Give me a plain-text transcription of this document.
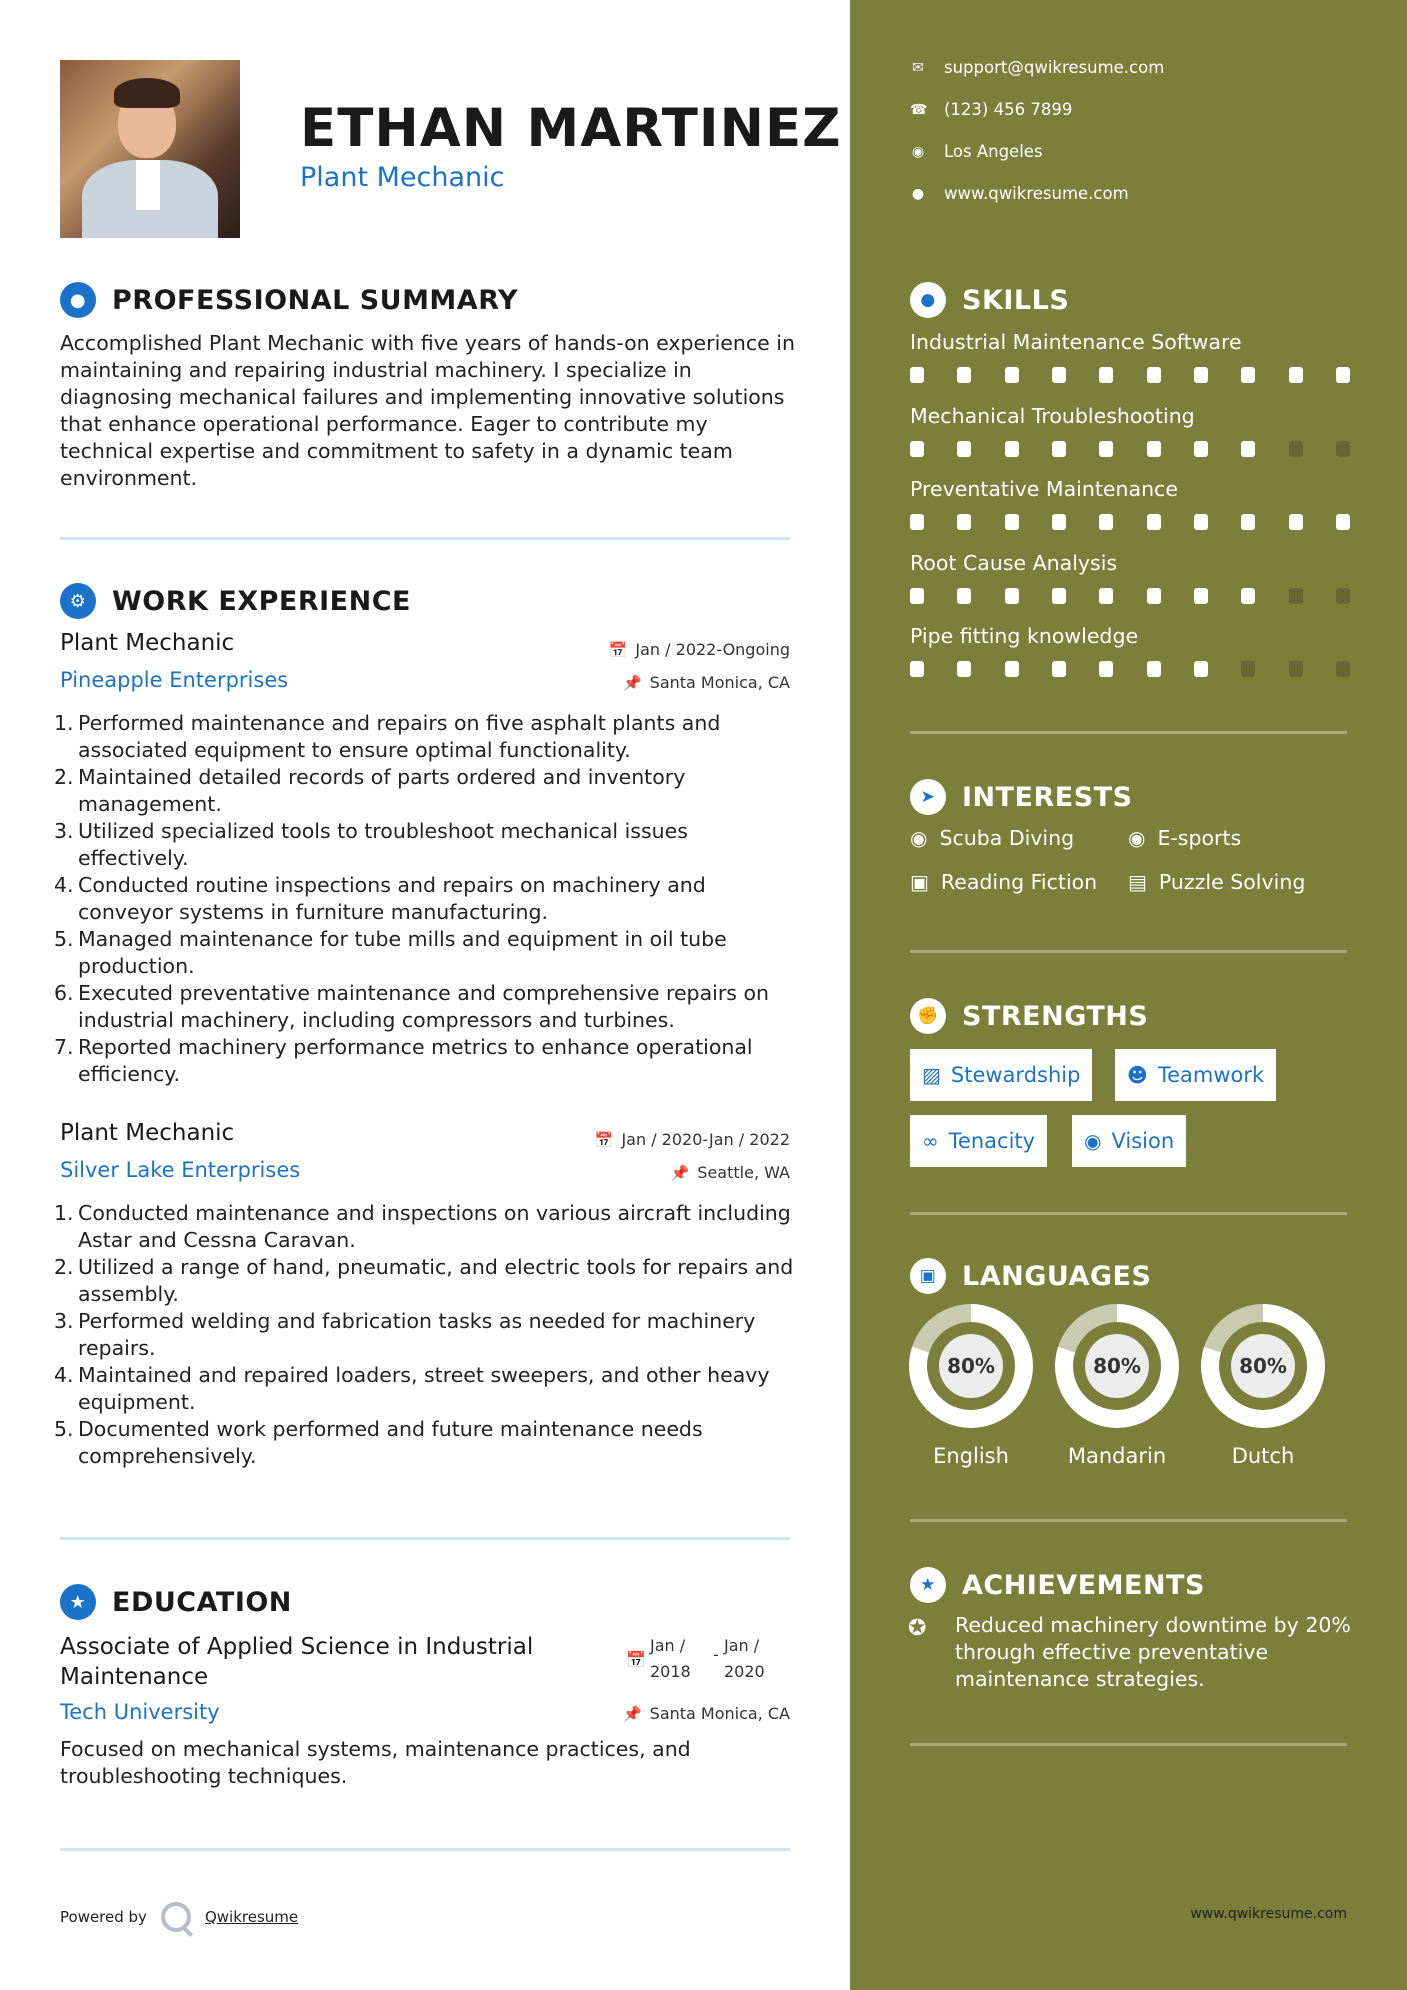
ETHAN MARTINEZ
Plant Mechanic
● PROFESSIONAL SUMMARY
Accomplished Plant Mechanic with five years of hands-on experience in maintaining and repairing industrial machinery. I specialize in diagnosing mechanical failures and implementing innovative solutions that enhance operational performance. Eager to contribute my technical expertise and commitment to safety in a dynamic team environment.
⚙ WORK EXPERIENCE
Plant Mechanic
Pineapple Enterprises
📅 Jan / 2022-Ongoing
📌 Santa Monica, CA
1. Performed maintenance and repairs on five asphalt plants and associated equipment to ensure optimal functionality.
2. Maintained detailed records of parts ordered and inventory management.
3. Utilized specialized tools to troubleshoot mechanical issues effectively.
4. Conducted routine inspections and repairs on machinery and conveyor systems in furniture manufacturing.
5. Managed maintenance for tube mills and equipment in oil tube production.
6. Executed preventative maintenance and comprehensive repairs on industrial machinery, including compressors and turbines.
7. Reported machinery performance metrics to enhance operational efficiency.
Plant Mechanic
Silver Lake Enterprises
📅 Jan / 2020-Jan / 2022
📌 Seattle, WA
1. Conducted maintenance and inspections on various aircraft including Astar and Cessna Caravan.
2. Utilized a range of hand, pneumatic, and electric tools for repairs and assembly.
3. Performed welding and fabrication tasks as needed for machinery repairs.
4. Maintained and repaired loaders, street sweepers, and other heavy equipment.
5. Documented work performed and future maintenance needs comprehensively.
★ EDUCATION
Associate of Applied Science in Industrial Maintenance
Tech University
📅
Jan /
2018
- Jan /
2020
📌 Santa Monica, CA
Focused on mechanical systems, maintenance practices, and troubleshooting techniques.
Powered by	Qwikresume
✉ support@qwikresume.com
☎ (123) 456 7899
◉ Los Angeles
● www.qwikresume.com
● SKILLS
Industrial Maintenance Software
Mechanical Troubleshooting
Preventative Maintenance
Root Cause Analysis
Pipe fitting knowledge
➤ INTERESTS
◉ Scuba Diving	◉ E-sports
▣ Reading Fiction ▤ Puzzle Solving
✊ STRENGTHS
▨ Stewardship ☻ Teamwork
∞ Tenacity ◉ Vision
▣ LANGUAGES
80%
English
80%
Mandarin
80%
Dutch
★ ACHIEVEMENTS
✪ Reduced machinery downtime by 20% through effective preventative maintenance strategies.
www.qwikresume.com
